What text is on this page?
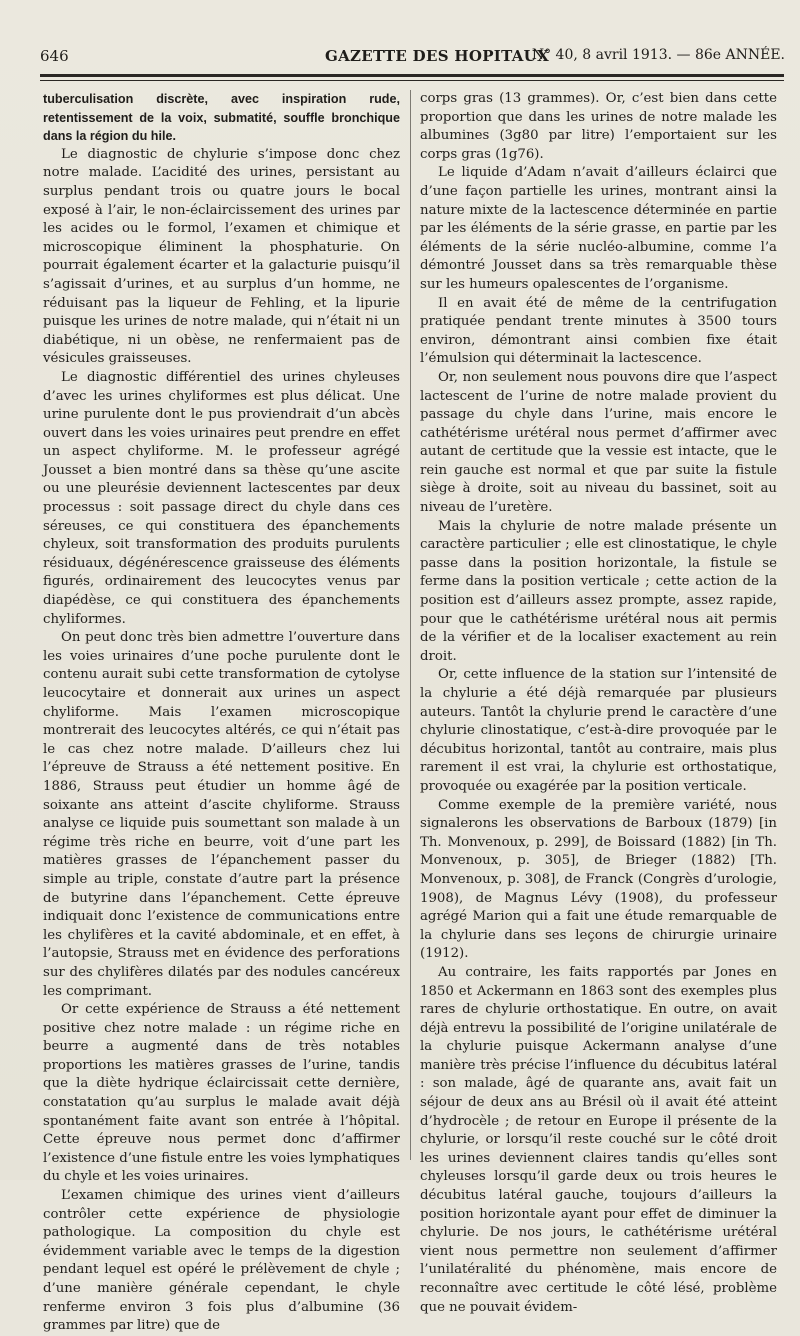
646	GAZETTE DES HOPITAUX
N° 40, 8 avril 1913. — 86e ANNÉE.

tuberculisation discrète, avec inspiration rude, retentissement de la voix, submatité, souffle bronchique dans la région du hile.

Le diagnostic de chylurie s’impose donc chez notre malade. L’acidité des urines, persistant au surplus pendant trois ou quatre jours le bocal exposé à l’air, le non-éclaircissement des urines par les acides ou le formol, l’examen et chimique et microscopique éliminent la phosphaturie. On pourrait également écarter et la galacturie puisqu’il s’agissait d’urines, et au surplus d’un homme, ne réduisant pas la liqueur de Fehling, et la lipurie puisque les urines de notre malade, qui n’était ni un diabétique, ni un obèse, ne renfermaient pas de vésicules graisseuses.

Le diagnostic différentiel des urines chyleuses d’avec les urines chyliformes est plus délicat. Une urine purulente dont le pus proviendrait d’un abcès ouvert dans les voies urinaires peut prendre en effet un aspect chyliforme. M. le professeur agrégé Jousset a bien montré dans sa thèse qu’une ascite ou une pleurésie deviennent lactescentes par deux processus : soit passage direct du chyle dans ces séreuses, ce qui constituera des épanchements chyleux, soit transformation des produits purulents résiduaux, dégénérescence graisseuse des éléments figurés, ordinairement des leucocytes venus par diapédèse, ce qui constituera des épanchements chyliformes.

On peut donc très bien admettre l’ouverture dans les voies urinaires d’une poche purulente dont le contenu aurait subi cette transformation de cytolyse leucocytaire et donnerait aux urines un aspect chyliforme. Mais l’examen microscopique montrerait des leucocytes altérés, ce qui n’était pas le cas chez notre malade. D’ailleurs chez lui l’épreuve de Strauss a été nettement positive. En 1886, Strauss peut étudier un homme âgé de soixante ans atteint d’ascite chyliforme. Strauss analyse ce liquide puis soumettant son malade à un régime très riche en beurre, voit d’une part les matières grasses de l’épanchement passer du simple au triple, constate d’autre part la présence de butyrine dans l’épanchement. Cette épreuve indiquait donc l’existence de communications entre les chylifères et la cavité abdominale, et en effet, à l’autopsie, Strauss met en évidence des perforations sur des chylifères dilatés par des nodules cancéreux les comprimant.

Or cette expérience de Strauss a été nettement positive chez notre malade : un régime riche en beurre a augmenté dans de très notables proportions les matières grasses de l’urine, tandis que la diète hydrique éclaircissait cette dernière, constatation qu’au surplus le malade avait déjà spontanément faite avant son entrée à l’hôpital. Cette épreuve nous permet donc d’affirmer l’existence d’une fistule entre les voies lymphatiques du chyle et les voies urinaires.

L’examen chimique des urines vient d’ailleurs contrôler cette expérience de physiologie pathologique. La composition du chyle est évidemment variable avec le temps de la digestion pendant lequel est opéré le prélèvement de chyle ; d’une manière générale cependant, le chyle renferme environ 3 fois plus d’albumine (36 grammes par litre) que de

corps gras (13 grammes). Or, c’est bien dans cette proportion que dans les urines de notre malade les albumines (3g80 par litre) l’emportaient sur les corps gras (1g76).

Le liquide d’Adam n’avait d’ailleurs éclairci que d’une façon partielle les urines, montrant ainsi la nature mixte de la lactescence déterminée en partie par les éléments de la série grasse, en partie par les éléments de la série nucléo-albumine, comme l’a démontré Jousset dans sa très remarquable thèse sur les humeurs opalescentes de l’organisme.

Il en avait été de même de la centrifugation pratiquée pendant trente minutes à 3500 tours environ, démontrant ainsi combien fixe était l’émulsion qui déterminait la lactescence.

Or, non seulement nous pouvons dire que l’aspect lactescent de l’urine de notre malade provient du passage du chyle dans l’urine, mais encore le cathétérisme urétéral nous permet d’affirmer avec autant de certitude que la vessie est intacte, que le rein gauche est normal et que par suite la fistule siège à droite, soit au niveau du bassinet, soit au niveau de l’uretère.

Mais la chylurie de notre malade présente un caractère particulier ; elle est clinostatique, le chyle passe dans la position horizontale, la fistule se ferme dans la position verticale ; cette action de la position est d’ailleurs assez prompte, assez rapide, pour que le cathétérisme urétéral nous ait permis de la vérifier et de la localiser exactement au rein droit.

Or, cette influence de la station sur l’intensité de la chylurie a été déjà remarquée par plusieurs auteurs. Tantôt la chylurie prend le caractère d’une chylurie clinostatique, c’est-à-dire provoquée par le décubitus horizontal, tantôt au contraire, mais plus rarement il est vrai, la chylurie est orthostatique, provoquée ou exagérée par la position verticale.

Comme exemple de la première variété, nous signalerons les observations de Barboux (1879) [in Th. Monvenoux, p. 299], de Boissard (1882) [in Th. Monvenoux, p. 305], de Brieger (1882) [Th. Monvenoux, p. 308], de Franck (Congrès d’urologie, 1908), de Magnus Lévy (1908), du professeur agrégé Marion qui a fait une étude remarquable de la chylurie dans ses leçons de chirurgie urinaire (1912).

Au contraire, les faits rapportés par Jones en 1850 et Ackermann en 1863 sont des exemples plus rares de chylurie orthostatique. En outre, on avait déjà entrevu la possibilité de l’origine unilatérale de la chylurie puisque Ackermann analyse d’une manière très précise l’influence du décubitus latéral : son malade, âgé de quarante ans, avait fait un séjour de deux ans au Brésil où il avait été atteint d’hydrocèle ; de retour en Europe il présente de la chylurie, or lorsqu’il reste couché sur le côté droit les urines deviennent claires tandis qu’elles sont chyleuses lorsqu’il garde deux ou trois heures le décubitus latéral gauche, toujours d’ailleurs la position horizontale ayant pour effet de diminuer la chylurie. De nos jours, le cathétérisme urétéral vient nous permettre non seulement d’affirmer l’unilatéralité du phénomène, mais encore de reconnaître avec certitude le côté lésé, problème que ne pouvait évidem-
